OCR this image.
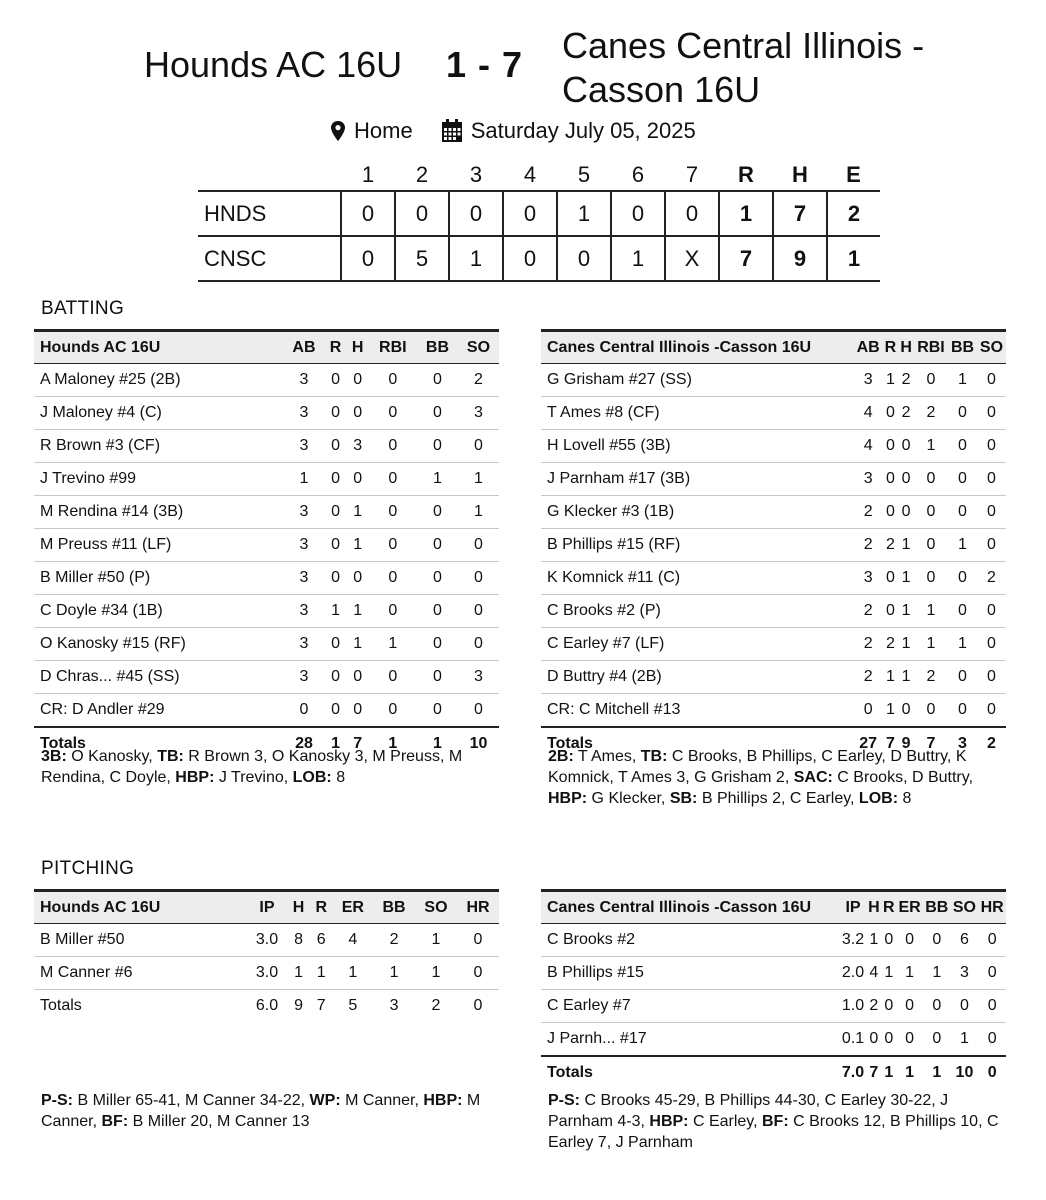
Hounds AC 16U 1 - 7 Canes Central Illinois -Casson 16U
Home	Saturday July 05, 2025
	1	2	3	4	5	6	7	R	H	E
HNDS	0	0	0	0	1	0	0	1	7	2
CNSC	0	5	1	0	0	1	X	7	9	1
BATTING
Hounds AC 16U	AB	R	H	RBI	BB	SO
A Maloney #25 (2B)	3	0	0	0	0	2
J Maloney #4 (C)	3	0	0	0	0	3
R Brown #3 (CF)	3	0	3	0	0	0
J Trevino #99	1	0	0	0	1	1
M Rendina #14 (3B)	3	0	1	0	0	1
M Preuss #11 (LF)	3	0	1	0	0	0
B Miller #50 (P)	3	0	0	0	0	0
C Doyle #34 (1B)	3	1	1	0	0	0
O Kanosky #15 (RF)	3	0	1	1	0	0
D Chras... #45 (SS)	3	0	0	0	0	3
CR: D Andler #29	0	0	0	0	0	0
Totals	28	1	7	1	1	10
Canes Central Illinois -Casson 16U	AB	R	H	RBI	BB	SO
G Grisham #27 (SS)	3	1	2	0	1	0
T Ames #8 (CF)	4	0	2	2	0	0
H Lovell #55 (3B)	4	0	0	1	0	0
J Parnham #17 (3B)	3	0	0	0	0	0
G Klecker #3 (1B)	2	0	0	0	0	0
B Phillips #15 (RF)	2	2	1	0	1	0
K Komnick #11 (C)	3	0	1	0	0	2
C Brooks #2 (P)	2	0	1	1	0	0
C Earley #7 (LF)	2	2	1	1	1	0
D Buttry #4 (2B)	2	1	1	2	0	0
CR: C Mitchell #13	0	1	0	0	0	0
Totals	27	7	9	7	3	2
3B: O Kanosky, TB: R Brown 3, O Kanosky 3, M Preuss, M Rendina, C Doyle, HBP: J Trevino, LOB: 8
2B: T Ames, TB: C Brooks, B Phillips, C Earley, D Buttry, K Komnick, T Ames 3, G Grisham 2, SAC: C Brooks, D Buttry, HBP: G Klecker, SB: B Phillips 2, C Earley, LOB: 8
PITCHING
Hounds AC 16U	IP	H	R	ER	BB	SO	HR
B Miller #50	3.0	8	6	4	2	1	0
M Canner #6	3.0	1	1	1	1	1	0
Totals	6.0	9	7	5	3	2	0
Canes Central Illinois -Casson 16U	IP	H	R	ER	BB	SO	HR
C Brooks #2	3.2	1	0	0	0	6	0
B Phillips #15	2.0	4	1	1	1	3	0
C Earley #7	1.0	2	0	0	0	0	0
J Parnh... #17	0.1	0	0	0	0	1	0
Totals	7.0	7	1	1	1	10	0
P-S: B Miller 65-41, M Canner 34-22, WP: M Canner, HBP: M Canner, BF: B Miller 20, M Canner 13
P-S: C Brooks 45-29, B Phillips 44-30, C Earley 30-22, J Parnham 4-3, HBP: C Earley, BF: C Brooks 12, B Phillips 10, C Earley 7, J Parnham
